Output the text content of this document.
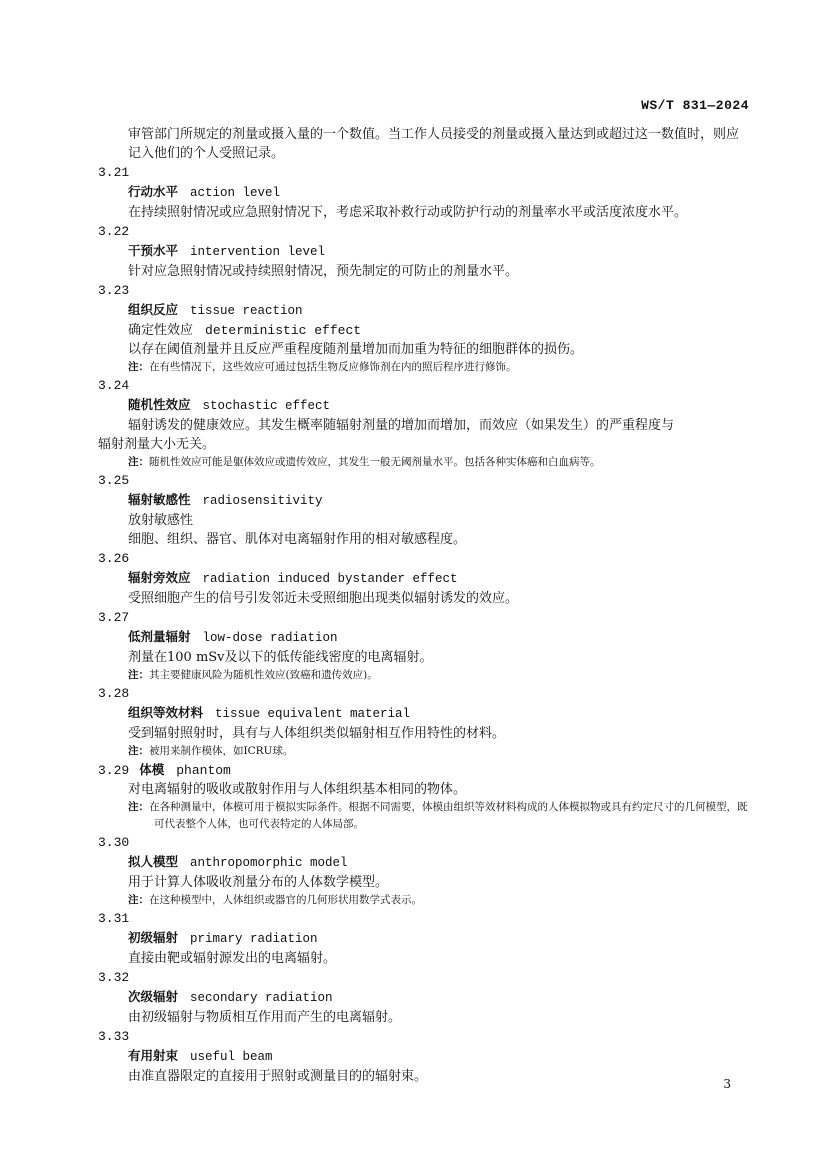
WS/T 831—2024

审管部门所规定的剂量或摄入量的一个数值。当工作人员接受的剂量或摄入量达到或超过这一数值时，则应记入他们的个人受照记录。

3.21

行动水平 action level

在持续照射情况或应急照射情况下，考虑采取补救行动或防护行动的剂量率水平或活度浓度水平。

3.22

干预水平 intervention level

针对应急照射情况或持续照射情况，预先制定的可防止的剂量水平。

3.23

组织反应 tissue reaction

确定性效应 deterministic effect

以存在阈值剂量并且反应严重程度随剂量增加而加重为特征的细胞群体的损伤。

注：在有些情况下，这些效应可通过包括生物反应修饰剂在内的照后程序进行修饰。

3.24

随机性效应 stochastic effect

辐射诱发的健康效应。其发生概率随辐射剂量的增加而增加，而效应（如果发生）的严重程度与

辐射剂量大小无关。

注：随机性效应可能是躯体效应或遗传效应，其发生一般无阈剂量水平。包括各种实体癌和白血病等。

3.25

辐射敏感性 radiosensitivity

放射敏感性

细胞、组织、器官、肌体对电离辐射作用的相对敏感程度。

3.26

辐射旁效应 radiation induced bystander effect

受照细胞产生的信号引发邻近未受照细胞出现类似辐射诱发的效应。

3.27

低剂量辐射 low-dose radiation

剂量在100 mSv及以下的低传能线密度的电离辐射。

注：其主要健康风险为随机性效应(致癌和遗传效应)。

3.28

组织等效材料 tissue equivalent material

受到辐射照射时，具有与人体组织类似辐射相互作用特性的材料。

注：被用来制作模体，如ICRU球。

3.29 体模 phantom

对电离辐射的吸收或散射作用与人体组织基本相同的物体。

注：在各种测量中，体模可用于模拟实际条件。根据不同需要，体模由组织等效材料构成的人体模拟物或具有约定尺寸的几何模型，既可代表整个人体，也可代表特定的人体局部。

3.30

拟人模型 anthropomorphic model

用于计算人体吸收剂量分布的人体数学模型。

注：在这种模型中，人体组织或器官的几何形状用数学式表示。

3.31

初级辐射 primary radiation

直接由靶或辐射源发出的电离辐射。

3.32

次级辐射 secondary radiation

由初级辐射与物质相互作用而产生的电离辐射。

3.33

有用射束 useful beam

由准直器限定的直接用于照射或测量目的的辐射束。	3
